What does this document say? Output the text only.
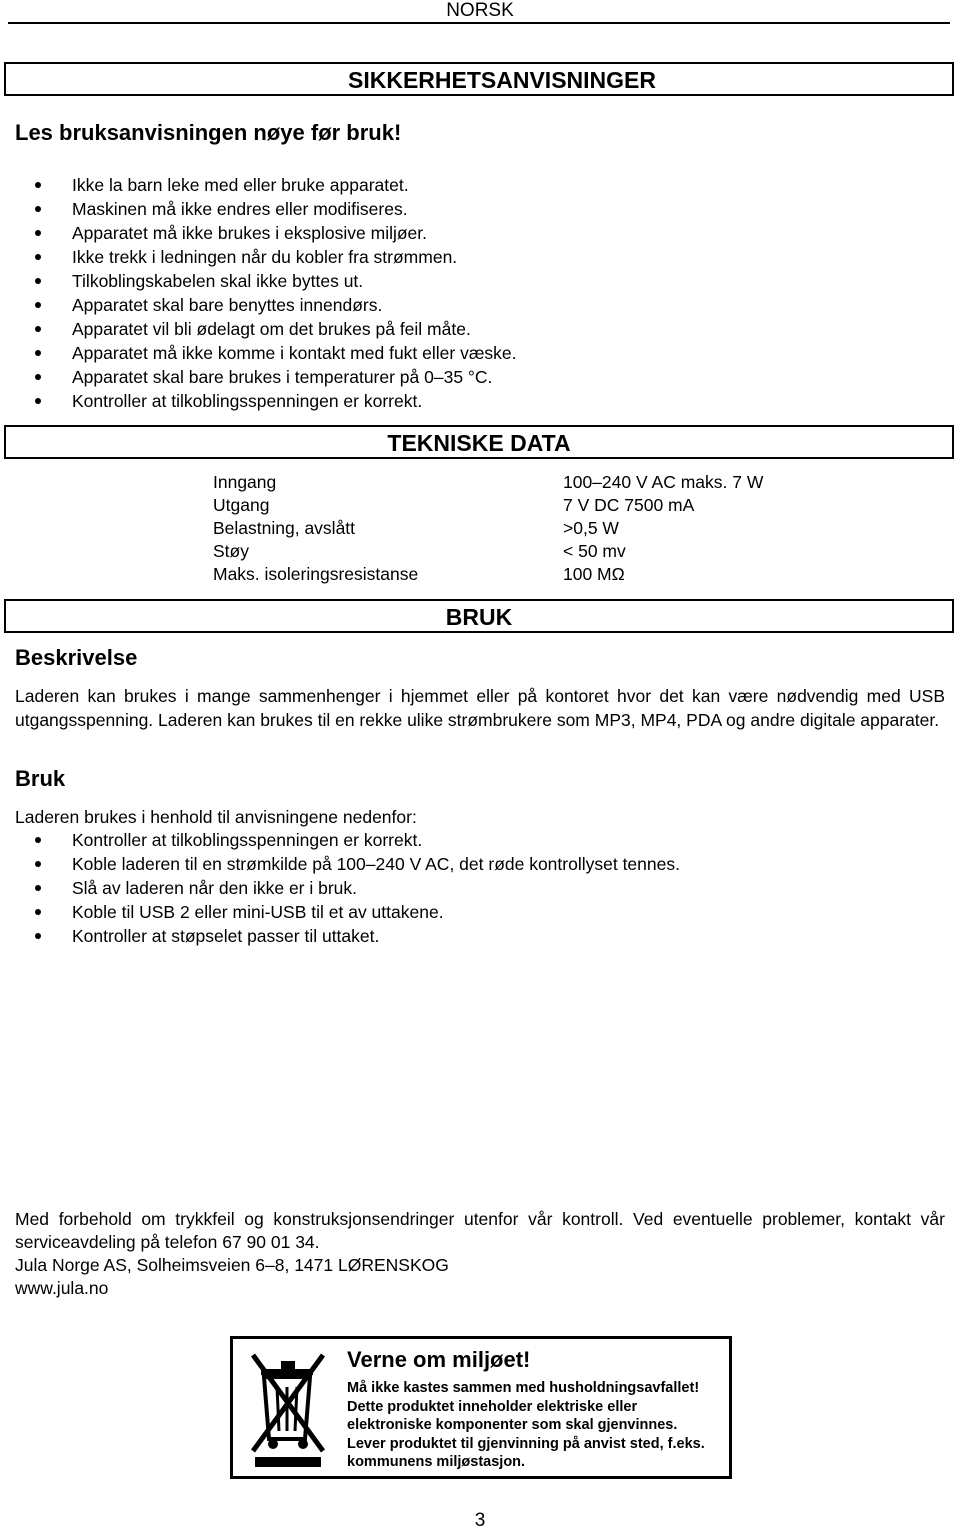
NORSK
SIKKERHETSANVISNINGER
Les bruksanvisningen nøye før bruk!
Ikke la barn leke med eller bruke apparatet.
Maskinen må ikke endres eller modifiseres.
Apparatet må ikke brukes i eksplosive miljøer.
Ikke trekk i ledningen når du kobler fra strømmen.
Tilkoblingskabelen skal ikke byttes ut.
Apparatet skal bare benyttes innendørs.
Apparatet vil bli ødelagt om det brukes på feil måte.
Apparatet må ikke komme i kontakt med fukt eller væske.
Apparatet skal bare brukes i temperaturer på 0–35 °C.
Kontroller at tilkoblingsspenningen er korrekt.
TEKNISKE DATA
Inngang	100–240 V AC maks. 7 W
Utgang	7 V DC 7500 mA
Belastning, avslått	>0,5 W
Støy	< 50 mv
Maks. isoleringsresistanse	100 MΩ
BRUK
Beskrivelse
Laderen kan brukes i mange sammenhenger i hjemmet eller på kontoret hvor det kan være nødvendig med USB utgangsspenning. Laderen kan brukes til en rekke ulike strømbrukere som MP3, MP4, PDA og andre digitale apparater.
Bruk
Laderen brukes i henhold til anvisningene nedenfor:
Kontroller at tilkoblingsspenningen er korrekt.
Koble laderen til en strømkilde på 100–240 V AC, det røde kontrollyset tennes.
Slå av laderen når den ikke er i bruk.
Koble til USB 2 eller mini-USB til et av uttakene.
Kontroller at støpselet passer til uttaket.
Med forbehold om trykkfeil og konstruksjonsendringer utenfor vår kontroll. Ved eventuelle problemer, kontakt vår serviceavdeling på telefon 67 90 01 34.
Jula Norge AS, Solheimsveien 6–8, 1471 LØRENSKOG
www.jula.no
Verne om miljøet!
Må ikke kastes sammen med husholdningsavfallet!
Dette produktet inneholder elektriske eller
elektroniske komponenter som skal gjenvinnes.
Lever produktet til gjenvinning på anvist sted, f.eks.
kommunens miljøstasjon.
3
